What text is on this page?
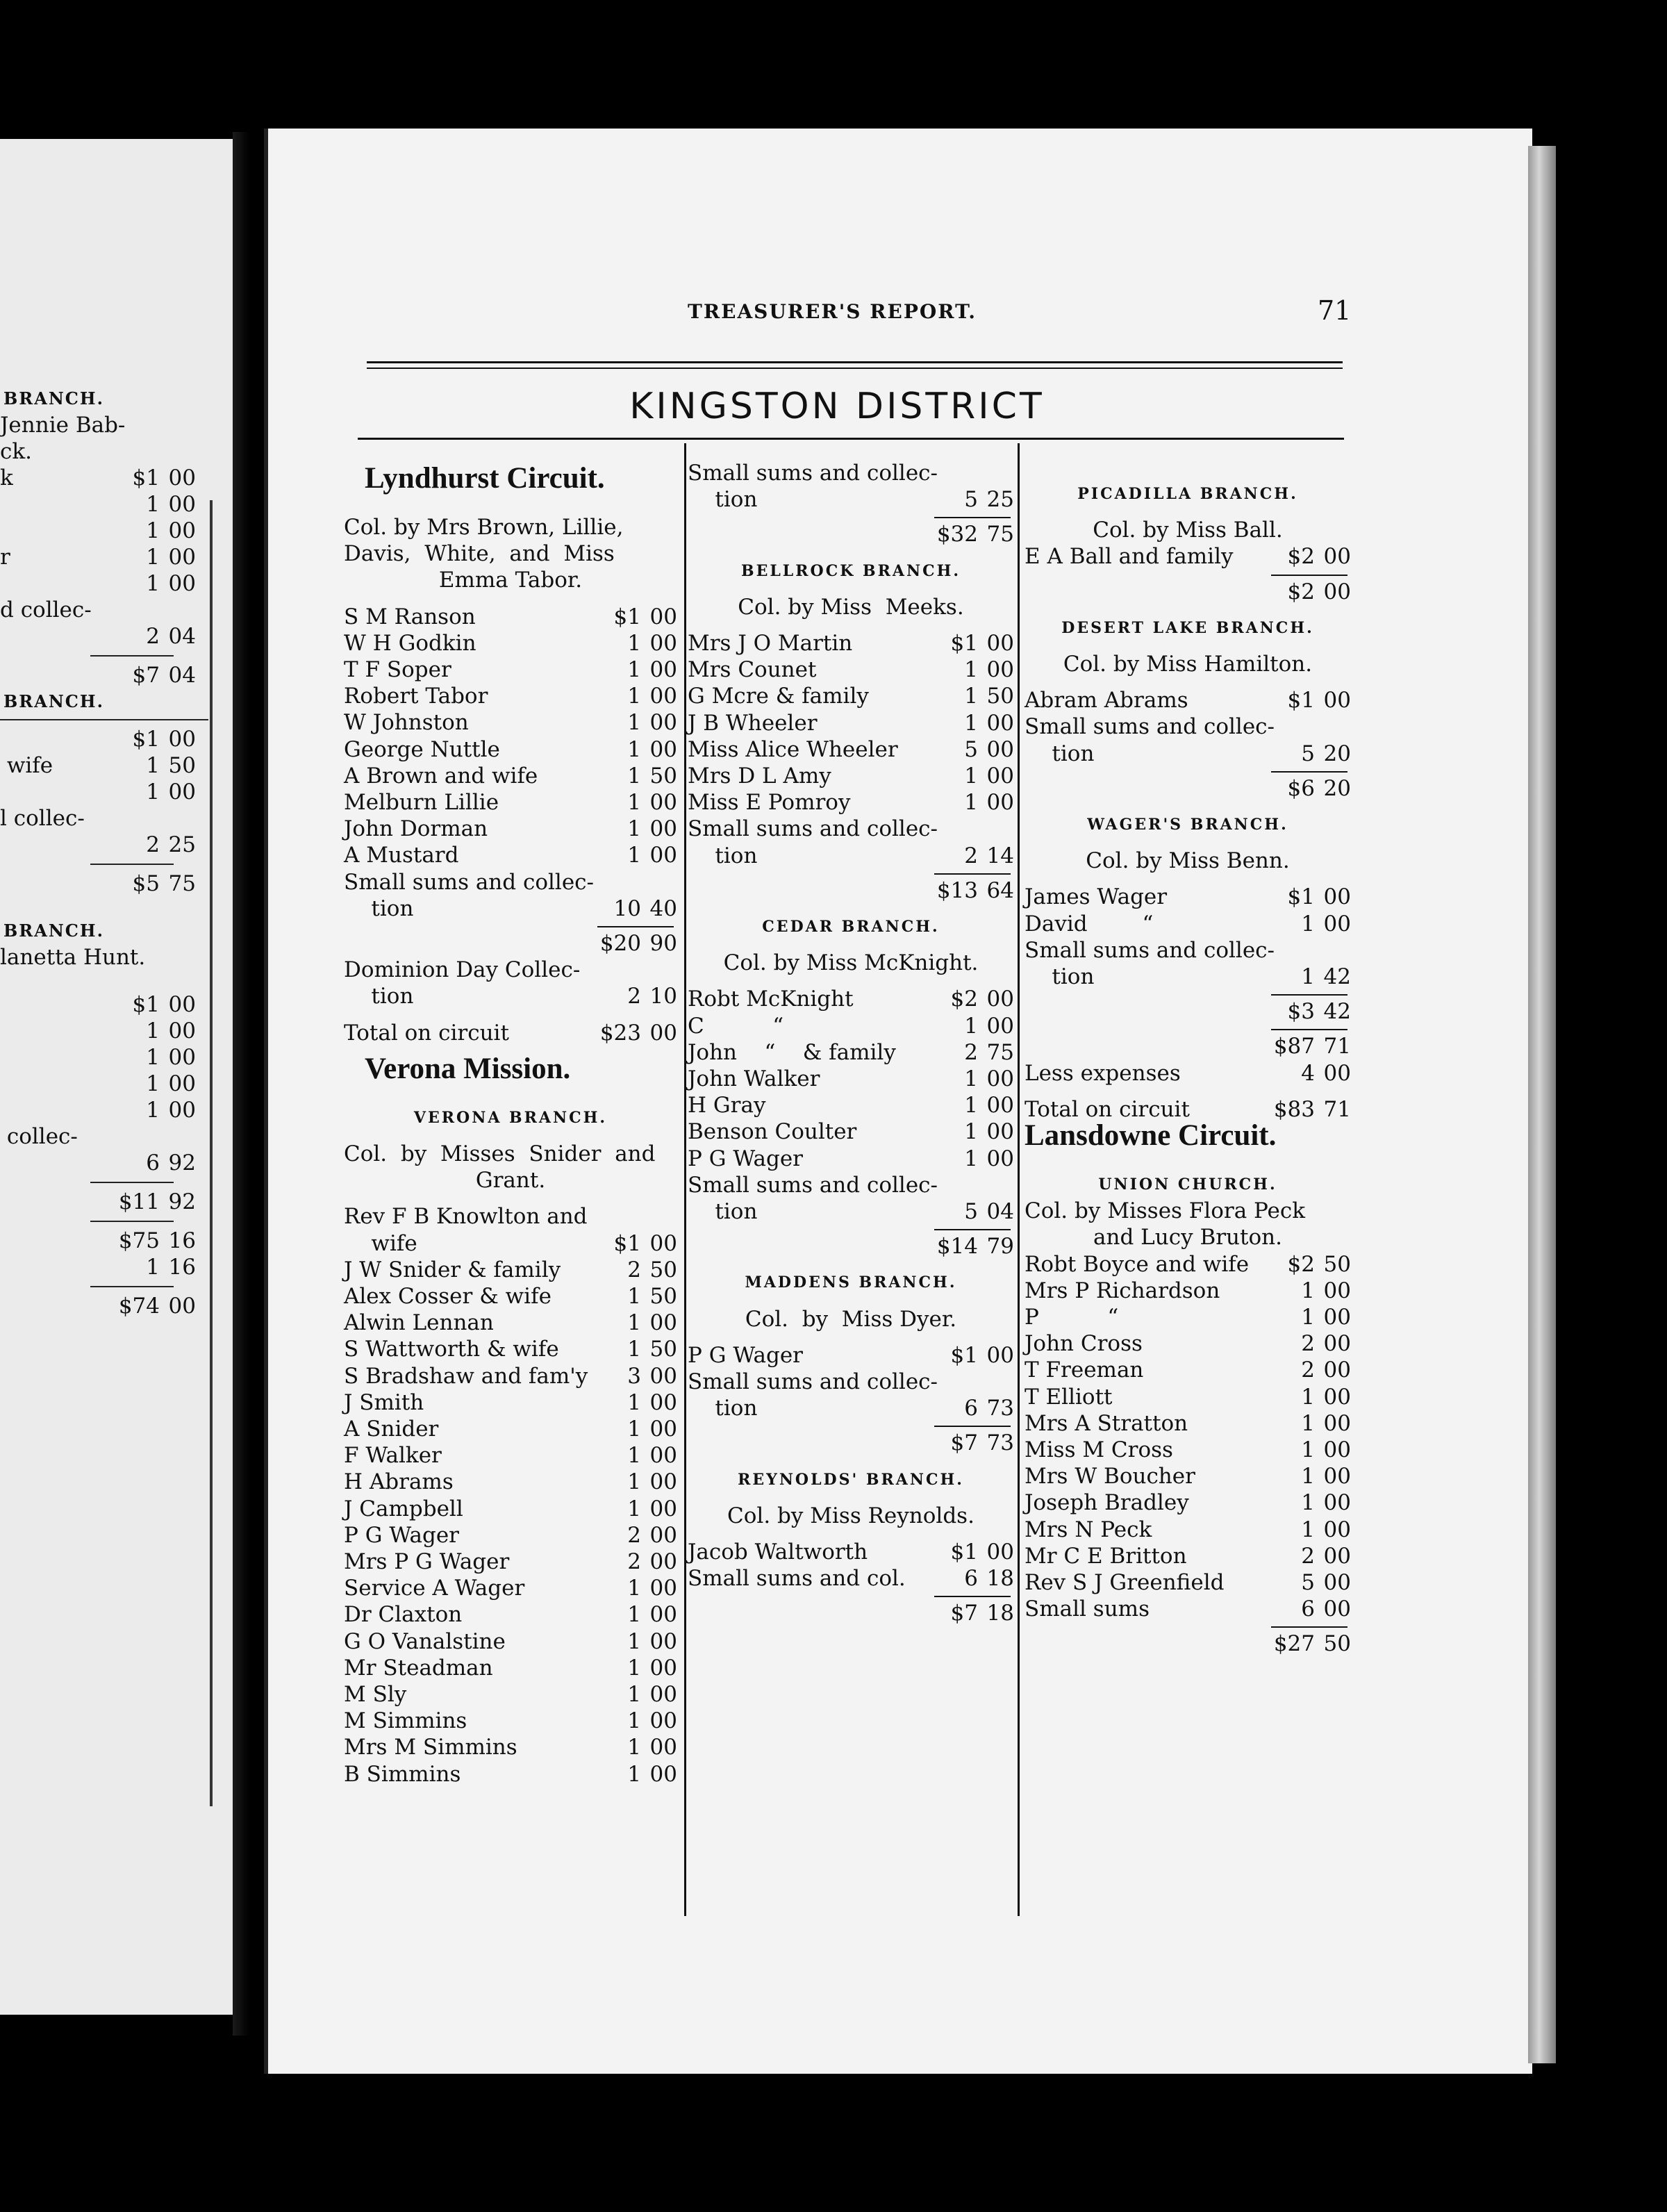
BRANCH.
Jennie Bab-
ck.
k	$1 00
1 00
1 00
r	1 00
1 00
d collec-
2 04
$7 04
BRANCH.
$1 00
wife	1 50
1 00
l collec-
2 25
$5 75
BRANCH.
lanetta Hunt.
$1 00
1 00
1 00
1 00
1 00
collec-
6 92
$11 92
$75 16
1 16
$74 00
TREASURER'S REPORT.	71
KINGSTON DISTRICT
Lyndhurst Circuit.
Col. by Mrs Brown, Lillie,
Davis,  White,  and  Miss
Emma Tabor.
S M Ranson	$1 00
W H Godkin	1 00
T F Soper	1 00
Robert Tabor	1 00
W Johnston	1 00
George Nuttle	1 00
A Brown and wife	1 50
Melburn Lillie	1 00
John Dorman	1 00
A Mustard	1 00
Small sums and collec-
tion	10 40
$20 90
Dominion Day Collec-
tion	2 10
Total on circuit	$23 00
Verona Mission.
VERONA BRANCH.
Col.  by  Misses  Snider  and
Grant.
Rev F B Knowlton and
wife	$1 00
J W Snider & family	2 50
Alex Cosser & wife	1 50
Alwin Lennan	1 00
S Wattworth & wife	1 50
S Bradshaw and fam'y 3 00
J Smith	1 00
A Snider	1 00
F Walker	1 00
H Abrams	1 00
J Campbell	1 00
P G Wager	2 00
Mrs P G Wager	2 00
Service A Wager	1 00
Dr Claxton	1 00
G O Vanalstine	1 00
Mr Steadman	1 00
M Sly	1 00
M Simmins	1 00
Mrs M Simmins	1 00
B Simmins	1 00
Small sums and collec-
tion	5 25
$32 75
BELLROCK BRANCH.
Col. by Miss  Meeks.
Mrs J O Martin	$1 00
Mrs Counet	1 00
G Mcre & family	1 50
J B Wheeler	1 00
Miss Alice Wheeler	5 00
Mrs D L Amy	1 00
Miss E Pomroy	1 00
Small sums and collec-
tion	2 14
$13 64
CEDAR BRANCH.
Col. by Miss McKnight.
Robt McKnight	$2 00
C          “	1 00
John    “    & family	2 75
John Walker	1 00
H Gray	1 00
Benson Coulter	1 00
P G Wager	1 00
Small sums and collec-
tion	5 04
$14 79
MADDENS BRANCH.
Col.  by  Miss Dyer.
P G Wager	$1 00
Small sums and collec-
tion	6 73
$7 73
REYNOLDS' BRANCH.
Col. by Miss Reynolds.
Jacob Waltworth	$1 00
Small sums and col.	6 18
$7 18
PICADILLA BRANCH.
Col. by Miss Ball.
E A Ball and family	$2 00
$2 00
DESERT LAKE BRANCH.
Col. by Miss Hamilton.
Abram Abrams	$1 00
Small sums and collec-
tion	5 20
$6 20
WAGER'S BRANCH.
Col. by Miss Benn.
James Wager	$1 00
David        “	1 00
Small sums and collec-
tion	1 42
$3 42
$87 71
Less expenses	4 00
Total on circuit	$83 71
Lansdowne Circuit.
UNION CHURCH.
Col. by Misses Flora Peck
and Lucy Bruton.
Robt Boyce and wife $2 50
Mrs P Richardson	1 00
P          “	1 00
John Cross	2 00
T Freeman	2 00
T Elliott	1 00
Mrs A Stratton	1 00
Miss M Cross	1 00
Mrs W Boucher	1 00
Joseph Bradley	1 00
Mrs N Peck	1 00
Mr C E Britton	2 00
Rev S J Greenfield	5 00
Small sums	6 00
$27 50
